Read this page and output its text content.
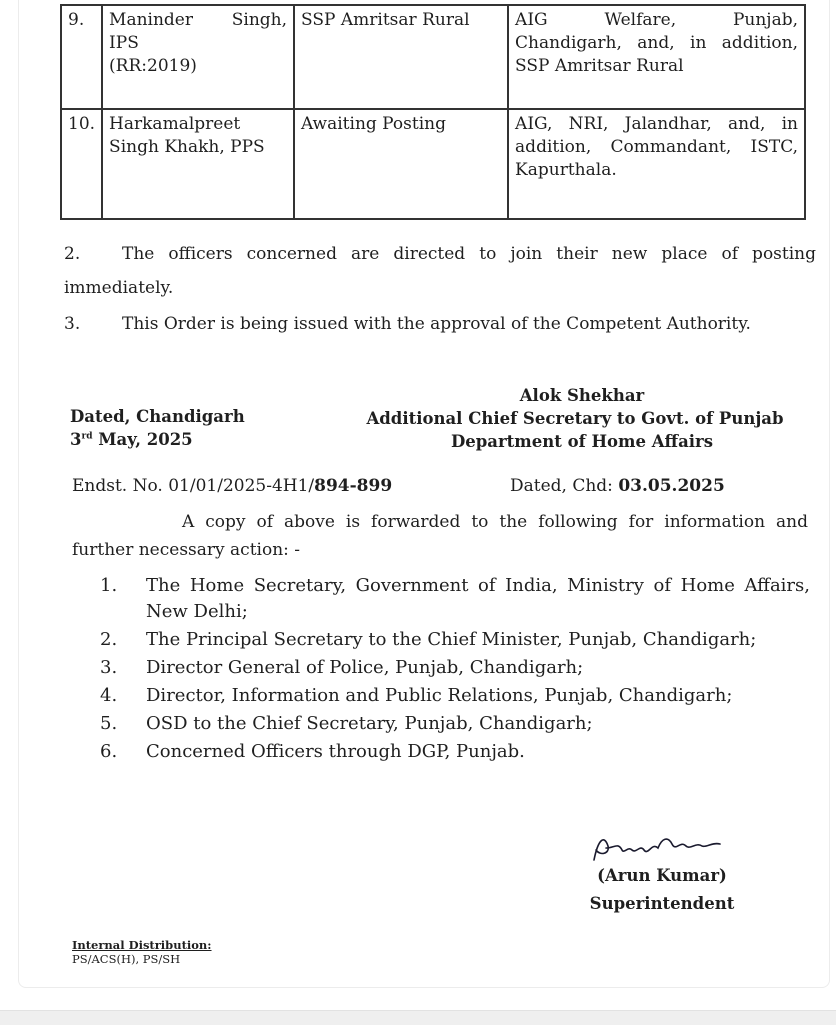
9.	Maninder Singh,
IPS
(RR:2019)	SSP Amritsar Rural	AIG Welfare, Punjab, Chandigarh, and, in addition, SSP Amritsar Rural
10.	Harkamalpreet
Singh Khakh, PPS	Awaiting Posting	AIG, NRI, Jalandhar, and, in addition, Commandant, ISTC, Kapurthala.
2. The officers concerned are directed to join their new place of posting immediately.
3. This Order is being issued with the approval of the Competent Authority.
Alok Shekhar
Additional Chief Secretary to Govt. of Punjab
Department of Home Affairs
Dated, Chandigarh
3rd May, 2025
Endst. No. 01/01/2025-4H1/894-899	Dated, Chd: 03.05.2025
A copy of above is forwarded to the following for information and further necessary action: -
1.	The Home Secretary, Government of India, Ministry of Home Affairs, New Delhi;
2.	The Principal Secretary to the Chief Minister, Punjab, Chandigarh;
3.	Director General of Police, Punjab, Chandigarh;
4.	Director, Information and Public Relations, Punjab, Chandigarh;
5.	OSD to the Chief Secretary, Punjab, Chandigarh;
6.	Concerned Officers through DGP, Punjab.
(Arun Kumar)
Superintendent
Internal Distribution:
PS/ACS(H), PS/SH
